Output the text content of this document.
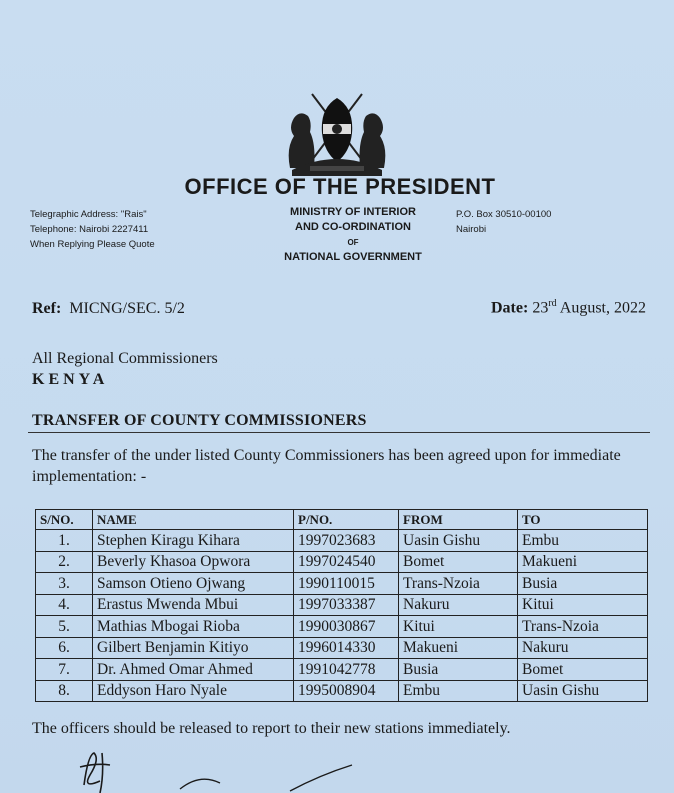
OFFICE OF THE PRESIDENT
Telegraphic Address: "Rais"
Telephone: Nairobi 2227411
When Replying Please Quote
MINISTRY OF INTERIOR
AND CO-ORDINATION
OF
NATIONAL GOVERNMENT
P.O. Box 30510-00100
Nairobi
Ref: MICNG/SEC. 5/2	Date: 23rd August, 2022
All Regional Commissioners
KENYA
TRANSFER OF COUNTY COMMISSIONERS
The transfer of the under listed County Commissioners has been agreed upon for immediate implementation: -
S/NO.	NAME	P/NO.	FROM	TO
1.	Stephen Kiragu Kihara	1997023683	Uasin Gishu	Embu
2.	Beverly Khasoa Opwora	1997024540	Bomet	Makueni
3.	Samson Otieno Ojwang	1990110015	Trans-Nzoia	Busia
4.	Erastus Mwenda Mbui	1997033387	Nakuru	Kitui
5.	Mathias Mbogai Rioba	1990030867	Kitui	Trans-Nzoia
6.	Gilbert Benjamin Kitiyo	1996014330	Makueni	Nakuru
7.	Dr. Ahmed Omar Ahmed	1991042778	Busia	Bomet
8.	Eddyson Haro Nyale	1995008904	Embu	Uasin Gishu
The officers should be released to report to their new stations immediately.
